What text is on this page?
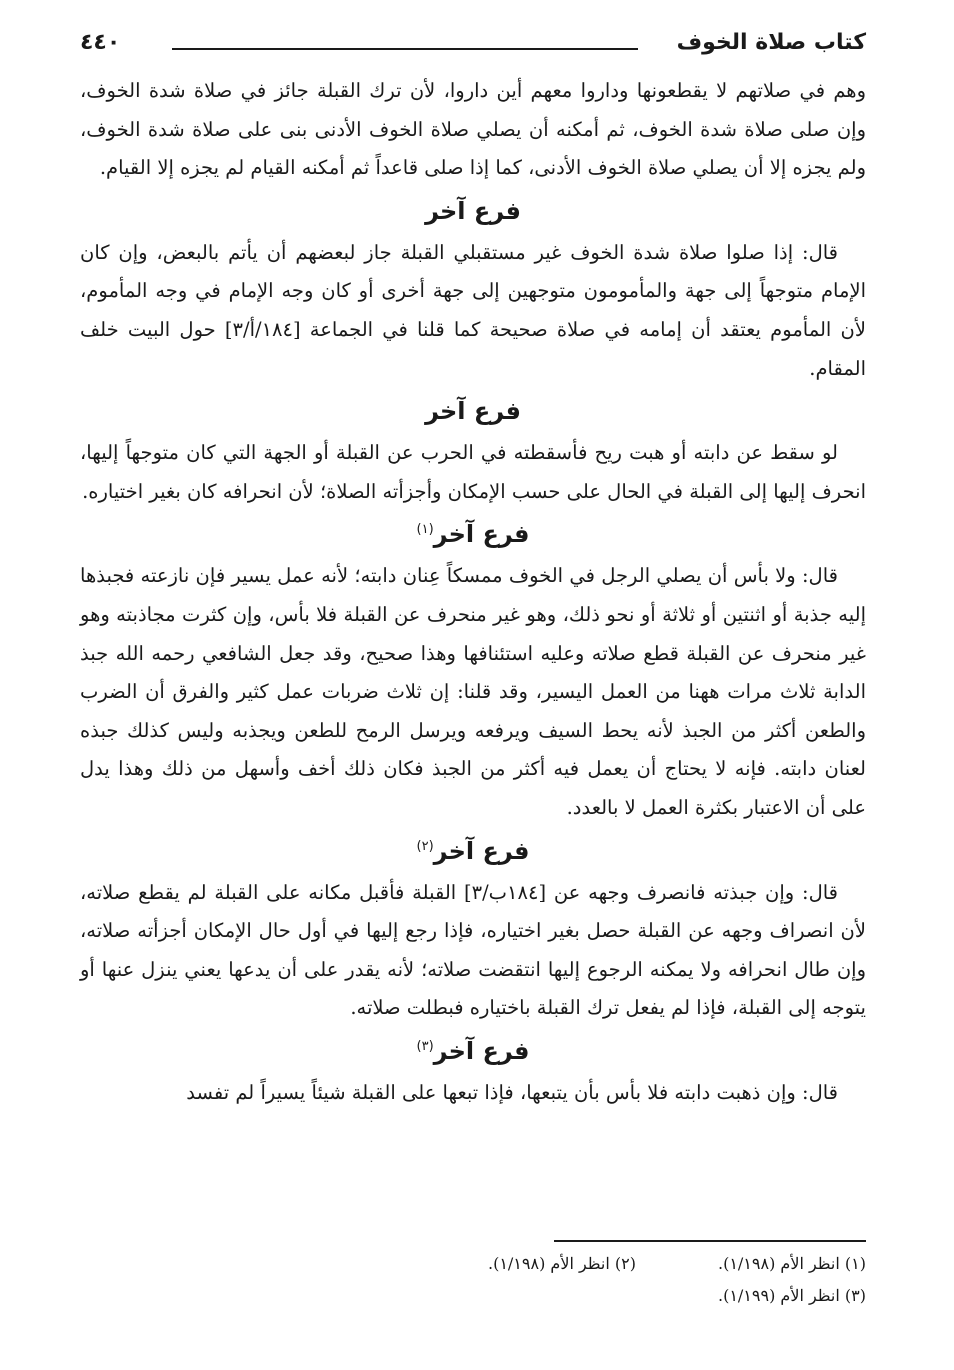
كتاب صلاة الخوف
٤٤٠

وهم في صلاتهم لا يقطعونها وداروا معهم أين داروا، لأن ترك القبلة جائز في صلاة شدة الخوف، وإن صلى صلاة شدة الخوف، ثم أمكنه أن يصلي صلاة الخوف الأدنى بنى على صلاة شدة الخوف، ولم يجزه إلا أن يصلي صلاة الخوف الأدنى، كما إذا صلى قاعداً ثم أمكنه القيام لم يجزه إلا القيام.

فرع آخر

قال: إذا صلوا صلاة شدة الخوف غير مستقبلي القبلة جاز لبعضهم أن يأتم بالبعض، وإن كان الإمام متوجهاً إلى جهة والمأمومون متوجهين إلى جهة أخرى أو كان وجه الإمام في وجه المأموم، لأن المأموم يعتقد أن إمامه في صلاة صحيحة كما قلنا في الجماعة [١٨٤/أ/٣] حول البيت خلف المقام.

فرع آخر

لو سقط عن دابته أو هبت ريح فأسقطته في الحرب عن القبلة أو الجهة التي كان متوجهاً إليها، انحرف إليها إلى القبلة في الحال على حسب الإمكان وأجزأته الصلاة؛ لأن انحرافه كان بغير اختياره.

فرع آخر$^{(١)}$

قال: ولا بأس أن يصلي الرجل في الخوف ممسكاً عِنان دابته؛ لأنه عمل يسير فإن نازعته فجبذها إليه جذبة أو اثنتين أو ثلاثة أو نحو ذلك، وهو غير منحرف عن القبلة فلا بأس، وإن كثرت مجاذبته وهو غير منحرف عن القبلة قطع صلاته وعليه استئنافها وهذا صحيح، وقد جعل الشافعي رحمه الله جبذ الدابة ثلاث مرات ههنا من العمل اليسير، وقد قلنا: إن ثلاث ضربات عمل كثير والفرق أن الضرب والطعن أكثر من الجبذ لأنه يحط السيف ويرفعه ويرسل الرمح للطعن ويجذبه وليس كذلك جبذه لعنان دابته. فإنه لا يحتاج أن يعمل فيه أكثر من الجبذ فكان ذلك أخف وأسهل من ذلك وهذا يدل على أن الاعتبار بكثرة العمل لا بالعدد.

فرع آخر$^{(٢)}$

قال: وإن جبذته فانصرف وجهه عن [١٨٤ب/٣] القبلة فأقبل مكانه على القبلة لم يقطع صلاته، لأن انصراف وجهه عن القبلة حصل بغير اختياره، فإذا رجع إليها في أول حال الإمكان أجزأته صلاته، وإن طال انحرافه ولا يمكنه الرجوع إليها انتقضت صلاته؛ لأنه يقدر على أن يدعها يعني ينزل عنها أو يتوجه إلى القبلة، فإذا لم يفعل ترك القبلة باختياره فبطلت صلاته.

فرع آخر$^{(٣)}$

قال: وإن ذهبت دابته فلا بأس بأن يتبعها، فإذا تبعها على القبلة شيئاً يسيراً لم تفسد

(١) انظر الأم (١/١٩٨).
(٢) انظر الأم (١/١٩٨).
(٣) انظر الأم (١/١٩٩).
